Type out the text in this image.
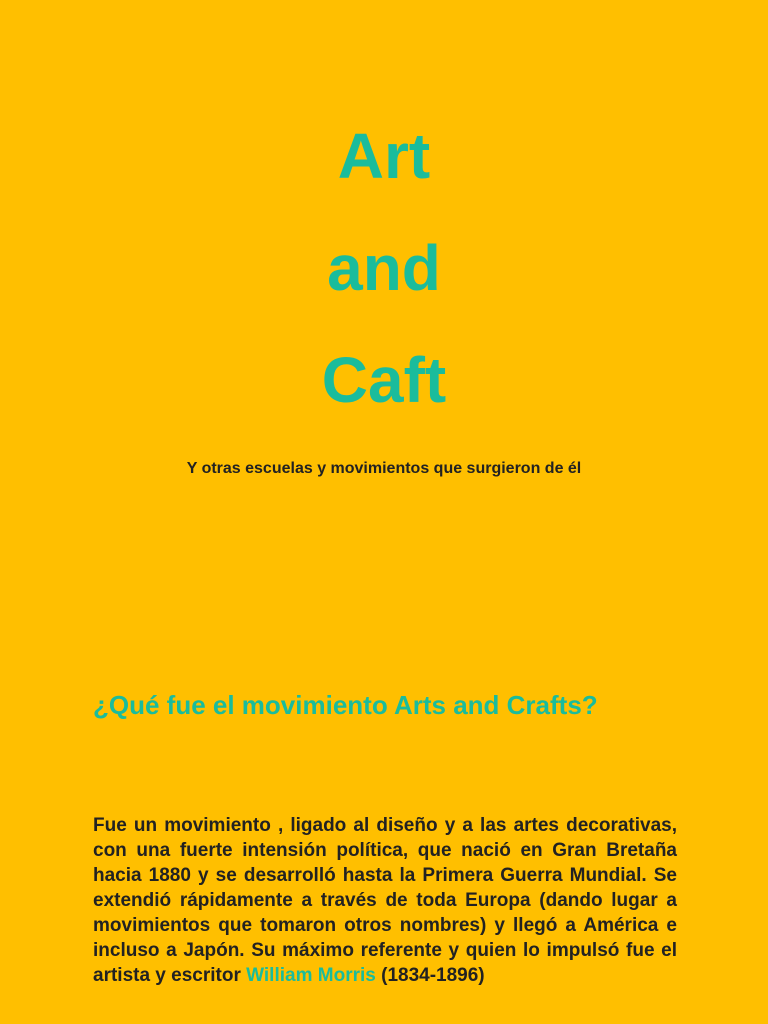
Art
and
Caft
Y otras escuelas y movimientos que surgieron de él
¿Qué fue el movimiento Arts and Crafts?

Fue un movimiento , ligado al diseño y a las artes decorativas, con una fuerte intensión política, que nació en Gran Bretaña hacia 1880 y se desarrolló hasta la Primera Guerra Mundial. Se extendió rápidamente a través de toda Europa (dando lugar a movimientos que tomaron otros nombres) y llegó a América e incluso a Japón. Su máximo referente y quien lo impulsó fue el artista y escritor William Morris (1834-1896)
